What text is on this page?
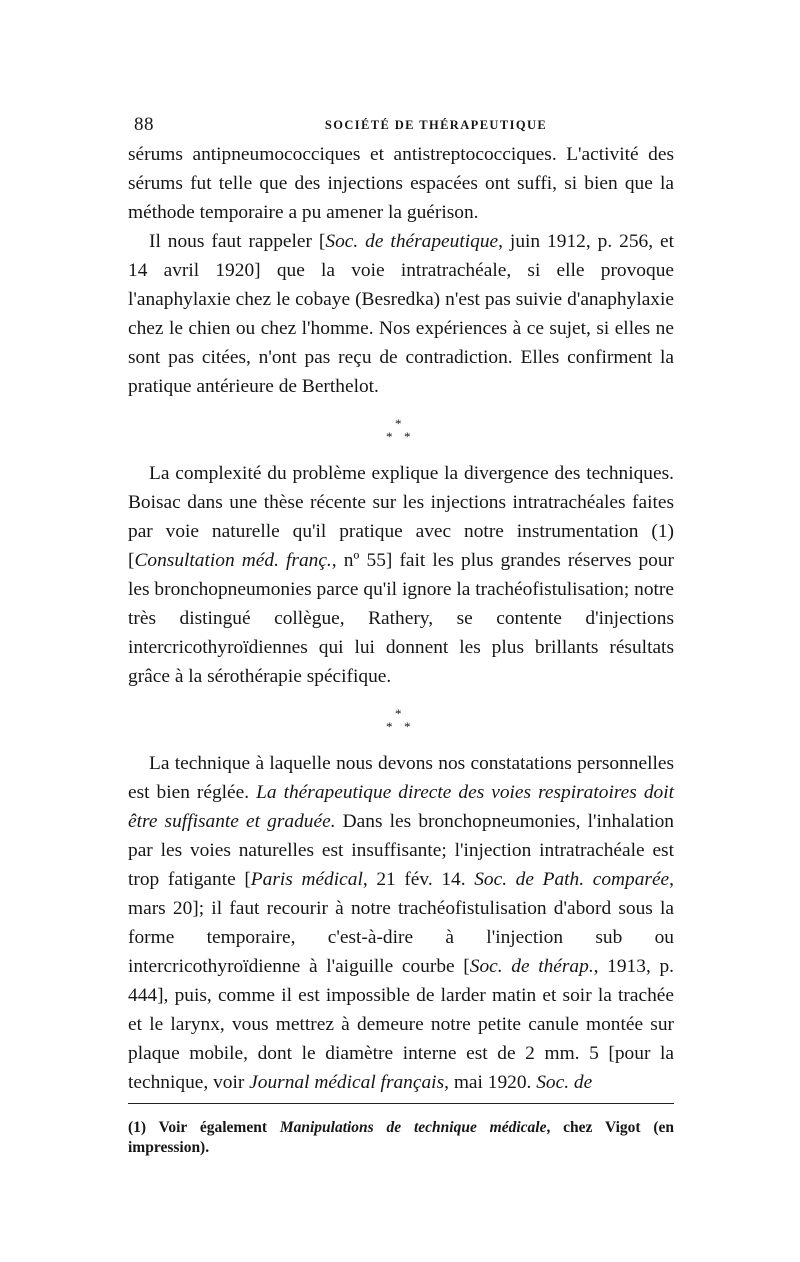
88	SOCIÉTÉ DE THÉRAPEUTIQUE

sérums antipneumococciques et antistreptococciques. L'activité des sérums fut telle que des injections espacées ont suffi, si bien que la méthode temporaire a pu amener la guérison.

Il nous faut rappeler [Soc. de thérapeutique, juin 1912, p. 256, et 14 avril 1920] que la voie intratrachéale, si elle provoque l'anaphylaxie chez le cobaye (Besredka) n'est pas suivie d'anaphylaxie chez le chien ou chez l'homme. Nos expériences à ce sujet, si elles ne sont pas citées, n'ont pas reçu de contradiction. Elles confirment la pratique antérieure de Berthelot.

*
* *

La complexité du problème explique la divergence des techniques. Boisac dans une thèse récente sur les injections intratrachéales faites par voie naturelle qu'il pratique avec notre instrumentation (1) [Consultation méd. franç., nº 55] fait les plus grandes réserves pour les bronchopneumonies parce qu'il ignore la trachéofistulisation; notre très distingué collègue, Rathery, se contente d'injections intercricothyroïdiennes qui lui donnent les plus brillants résultats grâce à la sérothérapie spécifique.

*
* *

La technique à laquelle nous devons nos constatations personnelles est bien réglée. La thérapeutique directe des voies respiratoires doit être suffisante et graduée. Dans les bronchopneumonies, l'inhalation par les voies naturelles est insuffisante; l'injection intratrachéale est trop fatigante [Paris médical, 21 fév. 14. Soc. de Path. comparée, mars 20]; il faut recourir à notre trachéofistulisation d'abord sous la forme temporaire, c'est-à-dire à l'injection sub ou intercricothyroïdienne à l'aiguille courbe [Soc. de thérap., 1913, p. 444], puis, comme il est impossible de larder matin et soir la trachée et le larynx, vous mettrez à demeure notre petite canule montée sur plaque mobile, dont le diamètre interne est de 2 mm. 5 [pour la technique, voir Journal médical français, mai 1920. Soc. de

(1) Voir également Manipulations de technique médicale, chez Vigot (en impression).
